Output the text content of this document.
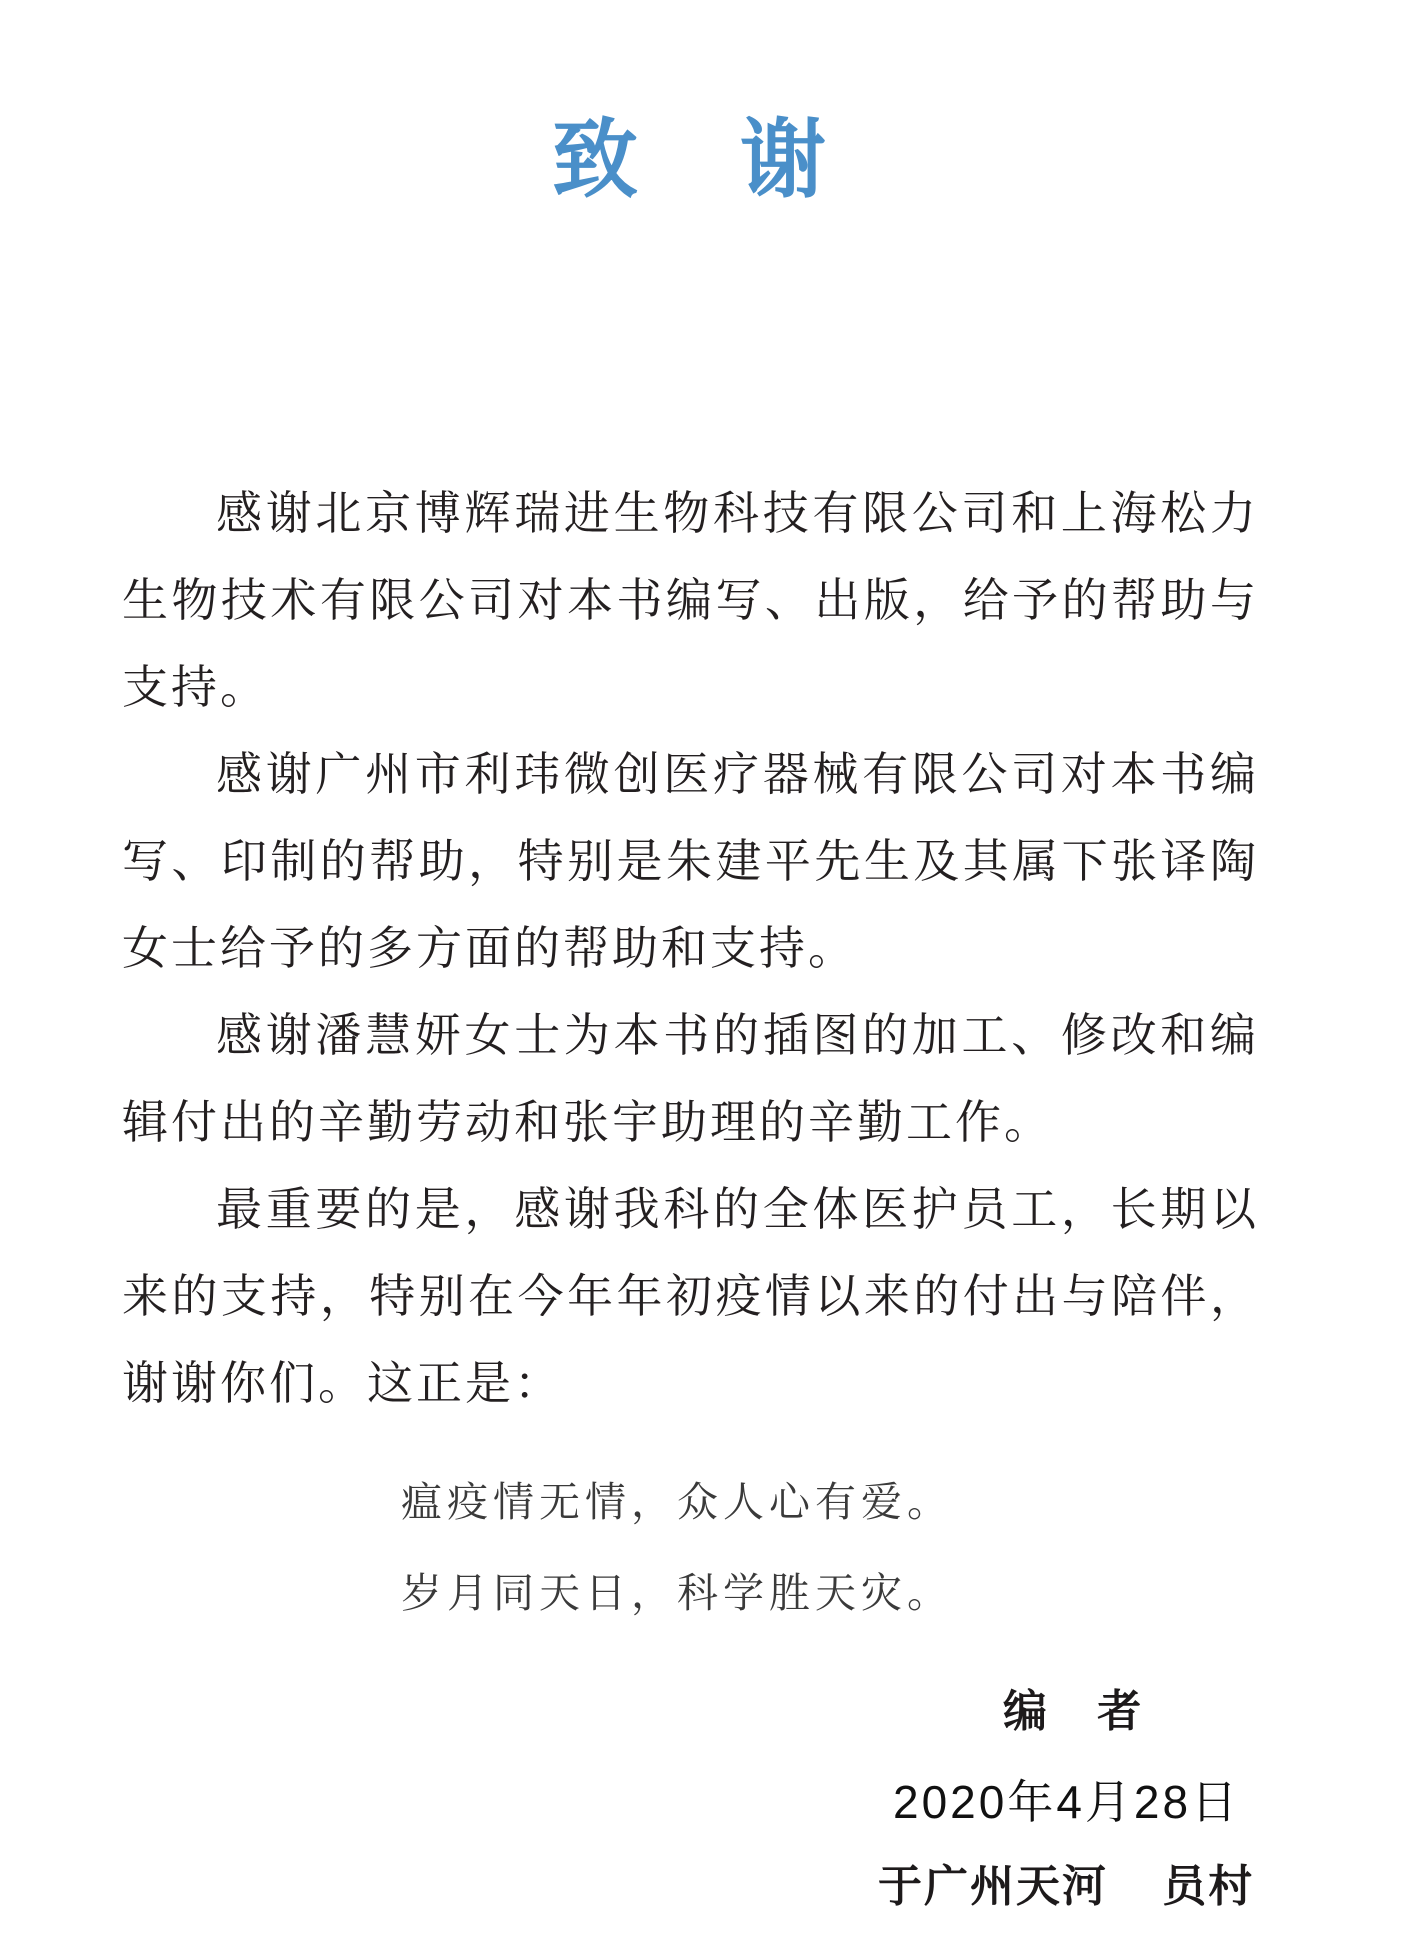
致 谢
感谢北京博辉瑞进生物科技有限公司和上海松力
生物技术有限公司对本书编写、出版，给予的帮助与
支持。
感谢广州市利玮微创医疗器械有限公司对本书编
写、印制的帮助，特别是朱建平先生及其属下张译陶
女士给予的多方面的帮助和支持。
感谢潘慧妍女士为本书的插图的加工、修改和编
辑付出的辛勤劳动和张宇助理的辛勤工作。
最重要的是，感谢我科的全体医护员工，长期以
来的支持，特别在今年年初疫情以来的付出与陪伴，
谢谢你们。这正是：
瘟疫情无情，众人心有爱。
岁月同天日，科学胜天灾。
编 者
2020年4月28日
于广州天河 员村
